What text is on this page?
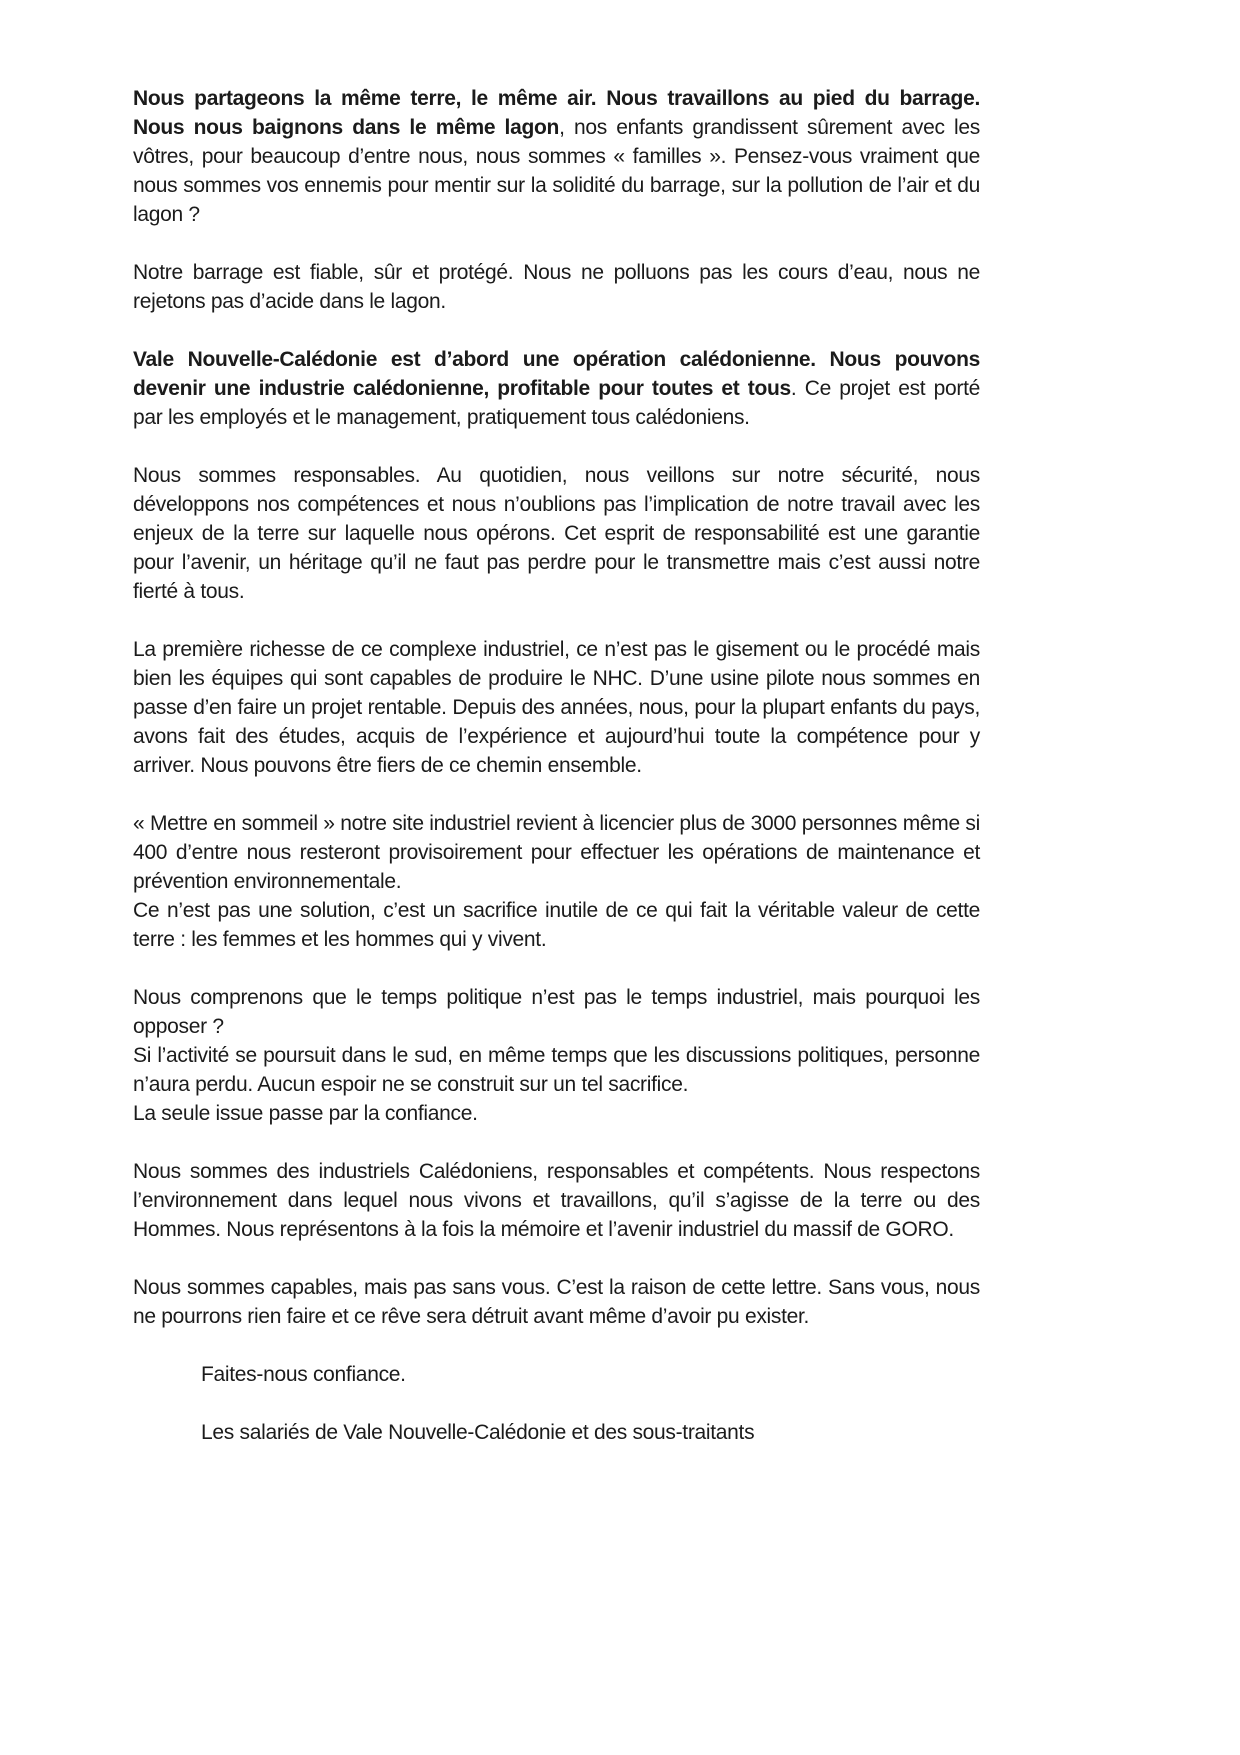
Nous partageons la même terre, le même air. Nous travaillons au pied du barrage. Nous nous baignons dans le même lagon, nos enfants grandissent sûrement avec les vôtres, pour beaucoup d’entre nous, nous sommes « familles ». Pensez-vous vraiment que nous sommes vos ennemis pour mentir sur la solidité du barrage, sur la pollution de l’air et du lagon ?

Notre barrage est fiable, sûr et protégé. Nous ne polluons pas les cours d’eau, nous ne rejetons pas d’acide dans le lagon.

Vale Nouvelle-Calédonie est d’abord une opération calédonienne. Nous pouvons devenir une industrie calédonienne, profitable pour toutes et tous. Ce projet est porté par les employés et le management, pratiquement tous calédoniens.

Nous sommes responsables. Au quotidien, nous veillons sur notre sécurité, nous développons nos compétences et nous n’oublions pas l’implication de notre travail avec les enjeux de la terre sur laquelle nous opérons. Cet esprit de responsabilité est une garantie pour l’avenir, un héritage qu’il ne faut pas perdre pour le transmettre mais c’est aussi notre fierté à tous.

La première richesse de ce complexe industriel, ce n’est pas le gisement ou le procédé mais bien les équipes qui sont capables de produire le NHC. D’une usine pilote nous sommes en passe d’en faire un projet rentable. Depuis des années, nous, pour la plupart enfants du pays, avons fait des études, acquis de l’expérience et aujourd’hui toute la compétence pour y arriver. Nous pouvons être fiers de ce chemin ensemble.

« Mettre en sommeil » notre site industriel revient à licencier plus de 3000 personnes même si 400 d’entre nous resteront provisoirement pour effectuer les opérations de maintenance et prévention environnementale.

Ce n’est pas une solution, c’est un sacrifice inutile de ce qui fait la véritable valeur de cette terre : les femmes et les hommes qui y vivent.

Nous comprenons que le temps politique n’est pas le temps industriel, mais pourquoi les opposer ?

Si l’activité se poursuit dans le sud, en même temps que les discussions politiques, personne n’aura perdu. Aucun espoir ne se construit sur un tel sacrifice.

La seule issue passe par la confiance.

Nous sommes des industriels Calédoniens, responsables et compétents. Nous respectons l’environnement dans lequel nous vivons et travaillons, qu’il s’agisse de la terre ou des Hommes. Nous représentons à la fois la mémoire et l’avenir industriel du massif de GORO.

Nous sommes capables, mais pas sans vous. C’est la raison de cette lettre. Sans vous, nous ne pourrons rien faire et ce rêve sera détruit avant même d’avoir pu exister.

Faites-nous confiance.

Les salariés de Vale Nouvelle-Calédonie et des sous-traitants
